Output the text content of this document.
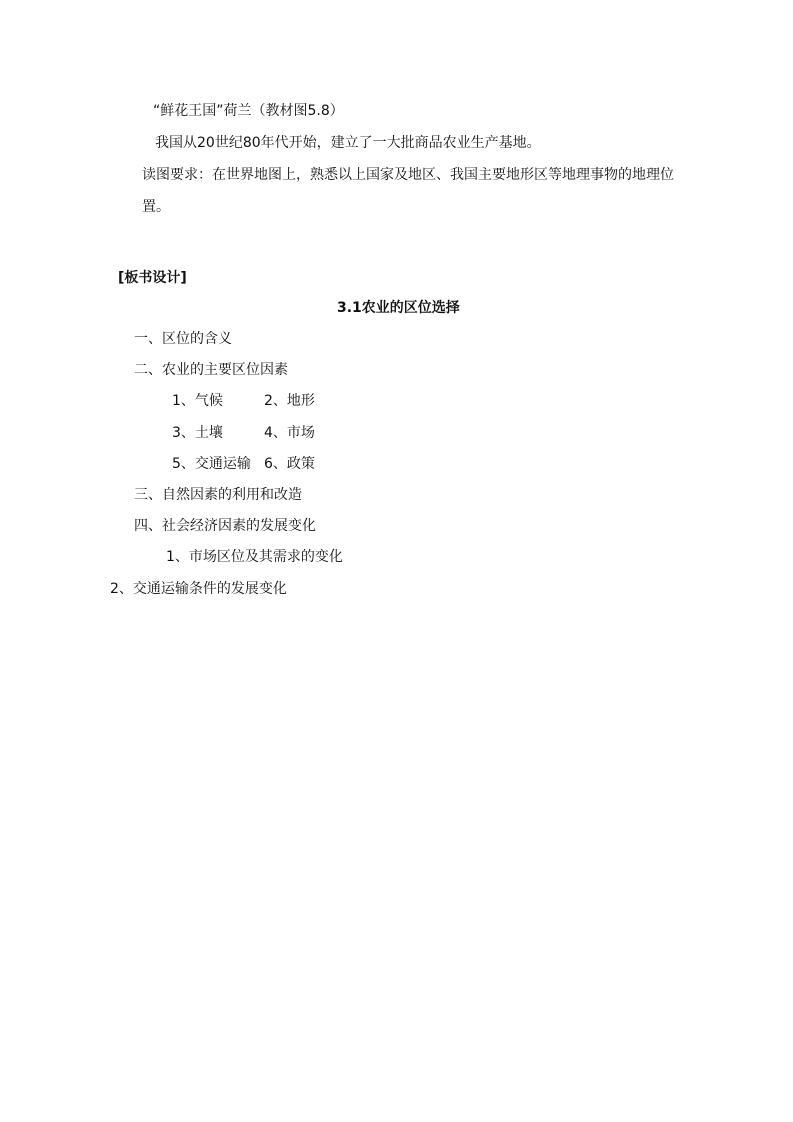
“鲜花王国”荷兰（教材图5.8）
我国从20世纪80年代开始，建立了一大批商品农业生产基地。
读图要求：在世界地图上，熟悉以上国家及地区、我国主要地形区等地理事物的地理位
置。
[板书设计]
3.1农业的区位选择
一、区位的含义
二、农业的主要区位因素
1、气候	2、地形
3、土壤	4、市场
5、交通运输 6、政策
三、自然因素的利用和改造
四、社会经济因素的发展变化
1、市场区位及其需求的变化
2、交通运输条件的发展变化
